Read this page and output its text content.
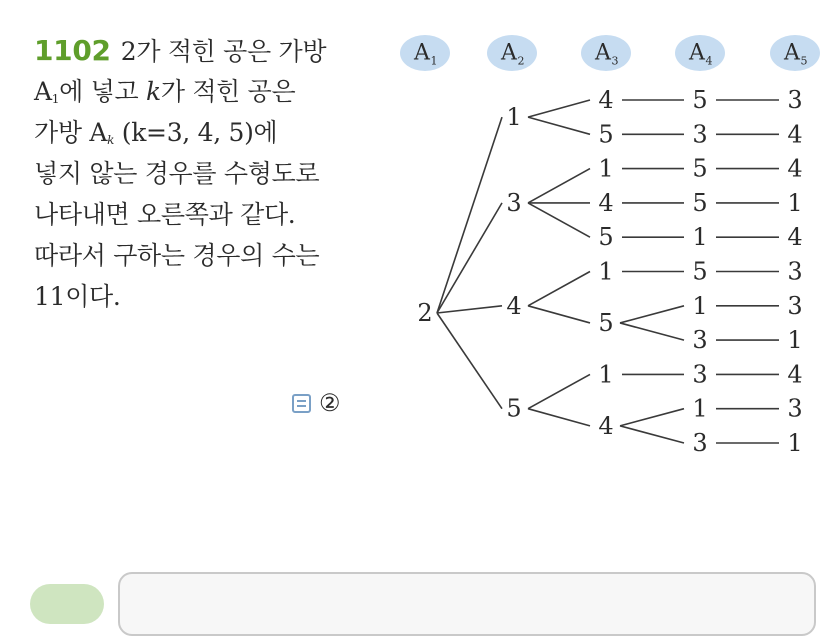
1102 2가 적힌 공은 가방
$A_1$에 넣고 k가 적힌 공은
가방 $A_k$ (k=3, 4, 5)에
넣지 않는 경우를 수형도로
나타내면 오른쪽과 같다.
따라서 구하는 경우의 수는
11이다.
②
A 1	A 2	A 3	A 4	A 5
2
1
4	5	3
5	3	4
3
1	5	4
4	5	1
5	1	4
4
1	5	3
5
1	3
3	1
5
1	3	4
4
1	3
3	1
